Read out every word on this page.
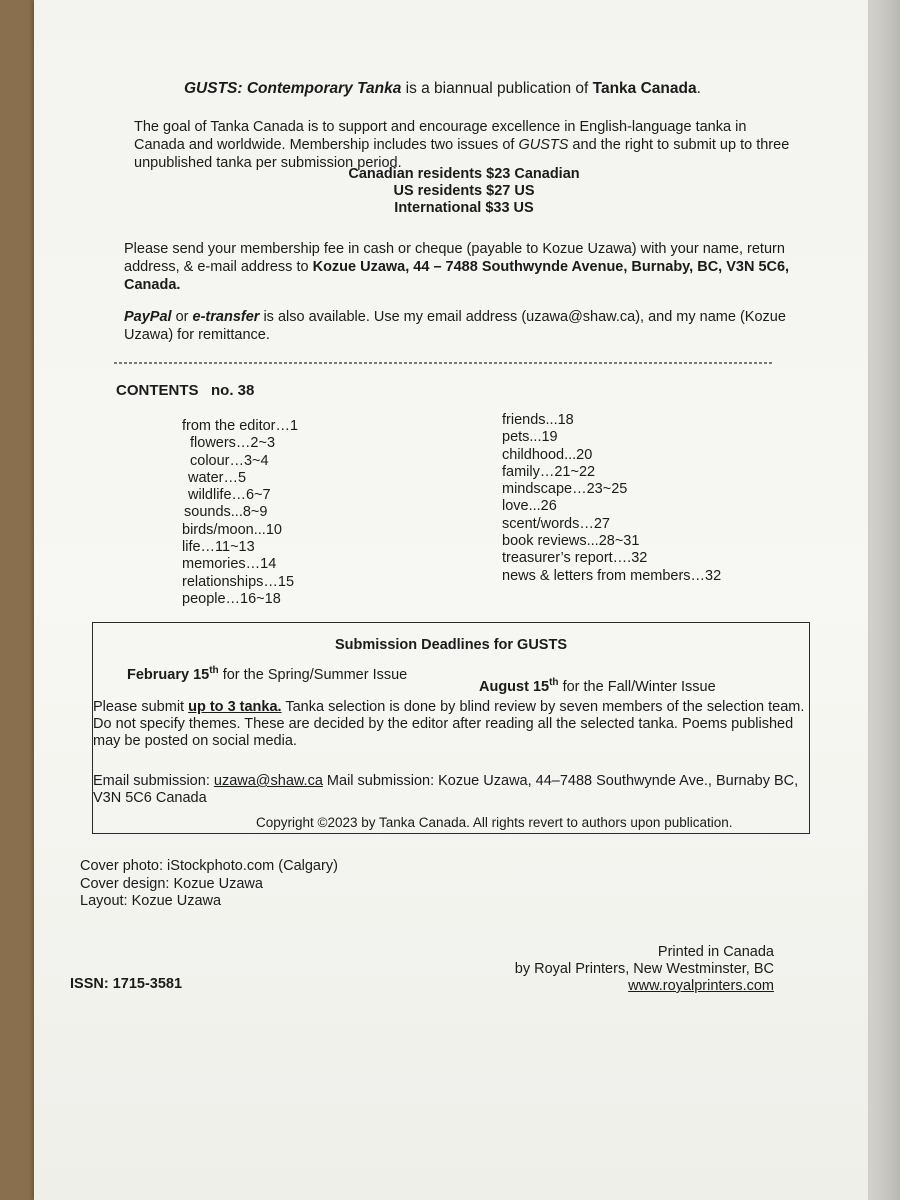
GUSTS: Contemporary Tanka is a biannual publication of Tanka Canada.
The goal of Tanka Canada is to support and encourage excellence in English-language tanka in Canada and worldwide. Membership includes two issues of GUSTS and the right to submit up to three unpublished tanka per submission period.
Canadian residents $23 Canadian
US residents $27 US
International $33 US
Please send your membership fee in cash or cheque (payable to Kozue Uzawa) with your name, return address, & e-mail address to Kozue Uzawa, 44 – 7488 Southwynde Avenue, Burnaby, BC, V3N 5C6, Canada.
PayPal or e-transfer is also available. Use my email address (uzawa@shaw.ca), and my name (Kozue Uzawa) for remittance.
CONTENTS   no. 38
from the editor…1
flowers…2~3
colour…3~4
water…5
wildlife…6~7
sounds...8~9
birds/moon...10
life…11~13
memories…14
relationships…15
people…16~18
friends...18
pets...19
childhood...20
family…21~22
mindscape…23~25
love...26
scent/words…27
book reviews...28~31
treasurer’s report….32
news & letters from members…32
Submission Deadlines for GUSTS
February 15th for the Spring/Summer Issue
August 15th for the Fall/Winter Issue
Please submit up to 3 tanka. Tanka selection is done by blind review by seven members of the selection team. Do not specify themes. These are decided by the editor after reading all the selected tanka. Poems published may be posted on social media.
Email submission: uzawa@shaw.ca Mail submission: Kozue Uzawa, 44–7488 Southwynde Ave., Burnaby BC, V3N 5C6 Canada
Copyright ©2023 by Tanka Canada. All rights revert to authors upon publication.
Cover photo: iStockphoto.com (Calgary)
Cover design: Kozue Uzawa
Layout: Kozue Uzawa
Printed in Canada
by Royal Printers, New Westminster, BC
www.royalprinters.com
ISSN: 1715-3581
